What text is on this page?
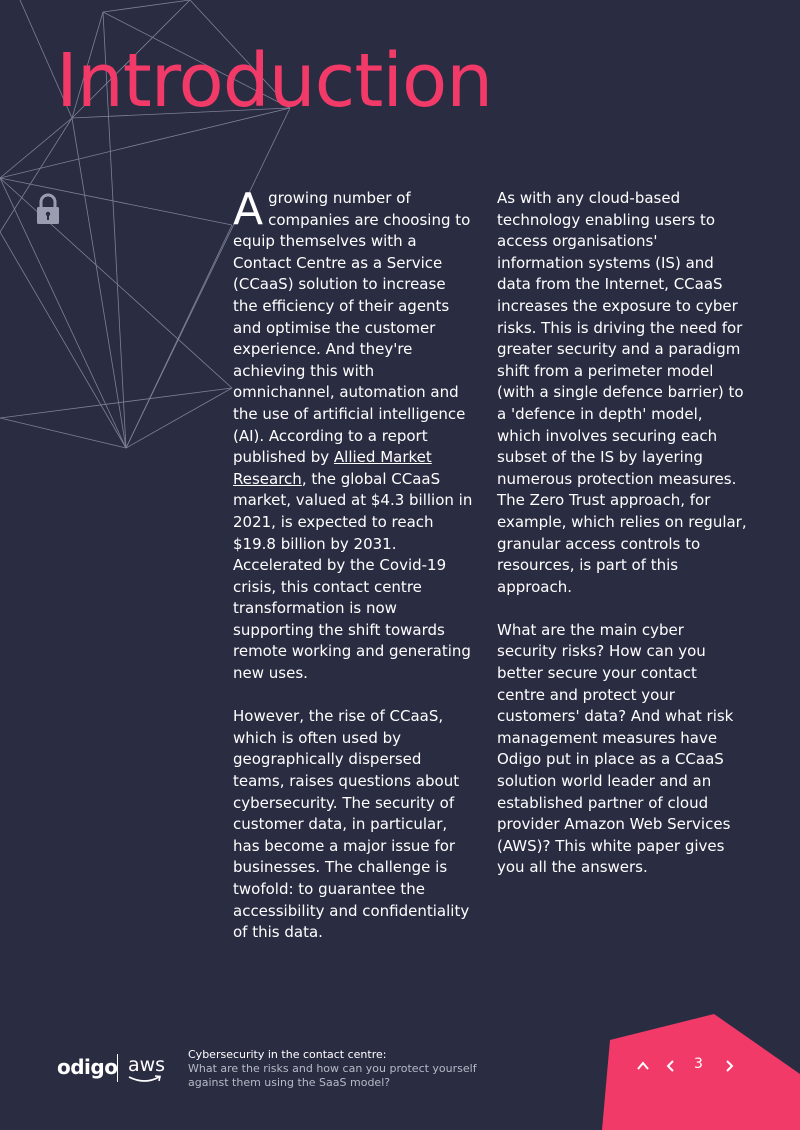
Introduction

Agrowing number of companies are choosing to equip themselves with a Contact Centre as a Service (CCaaS) solution to increase the efficiency of their agents and optimise the customer experience. And they're achieving this with omnichannel, automation and the use of artificial intelligence (AI). According to a report published by Allied Market Research, the global CCaaS market, valued at $4.3 billion in 2021, is expected to reach $19.8 billion by 2031. Accelerated by the Covid-19 crisis, this contact centre transformation is now supporting the shift towards remote working and generating new uses.

However, the rise of CCaaS, which is often used by geographically dispersed teams, raises questions about cybersecurity. The security of customer data, in particular, has become a major issue for businesses. The challenge is twofold: to guarantee the accessibility and confidentiality of this data.

As with any cloud-based technology enabling users to access organisations' information systems (IS) and data from the Internet, CCaaS increases the exposure to cyber risks. This is driving the need for greater security and a paradigm shift from a perimeter model (with a single defence barrier) to a 'defence in depth' model, which involves securing each subset of the IS by layering numerous protection measures. The Zero Trust approach, for example, which relies on regular, granular access controls to resources, is part of this approach.

What are the main cyber security risks? How can you better secure your contact centre and protect your customers' data? And what risk management measures have Odigo put in place as a CCaaS solution world leader and an established partner of cloud provider Amazon Web Services (AWS)? This white paper gives you all the answers.

odigo aws Cybersecurity in the contact centre:
What are the risks and how can you protect yourself against them using the SaaS model?
3
